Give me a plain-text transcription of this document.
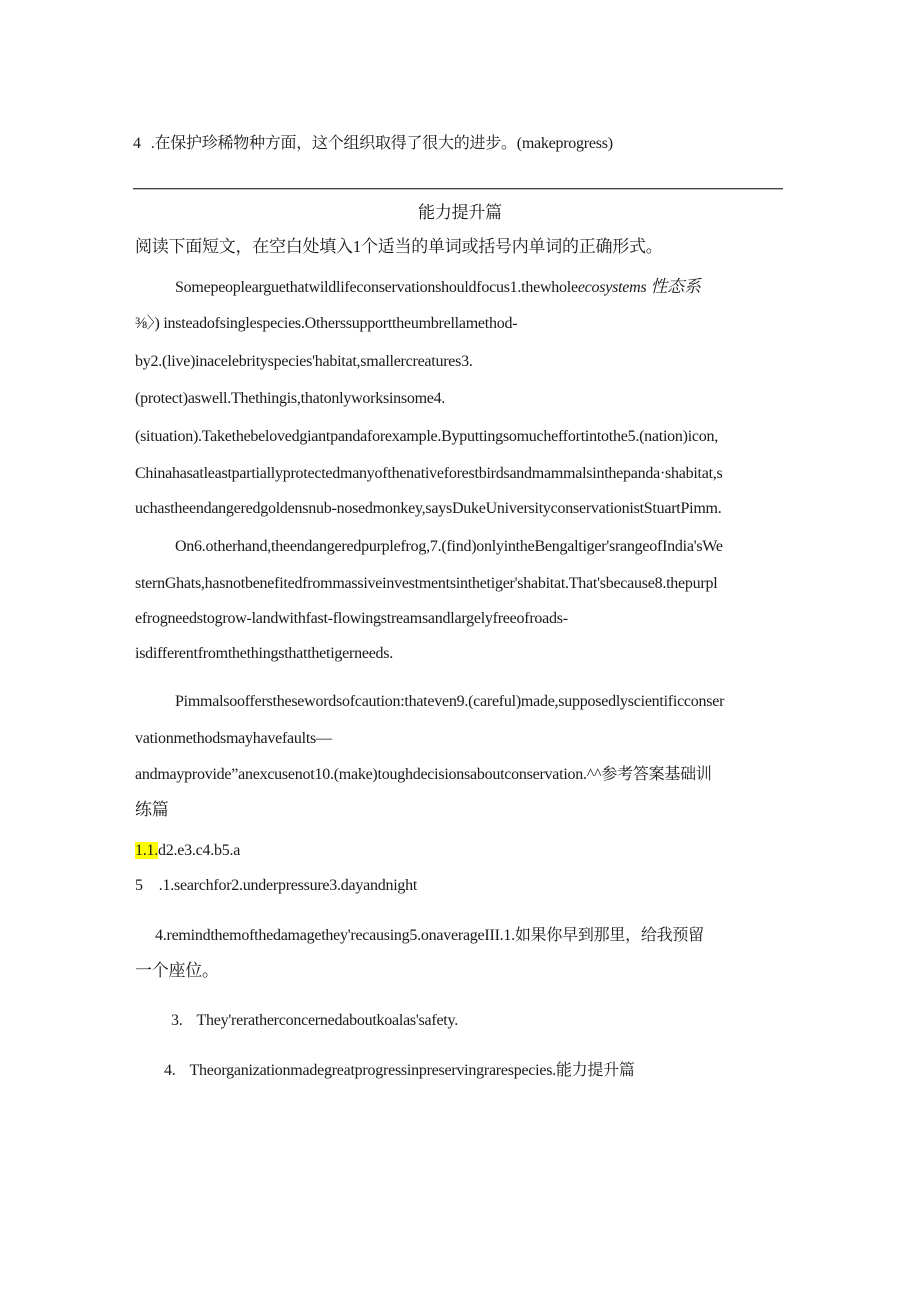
4 .在保护珍稀物种方面，这个组织取得了很大的进步。(makeprogress)
能力提升篇
阅读下面短文，在空白处填入1个适当的单词或括号内单词的正确形式。
Somepeoplearguethatwildlifeconservationshouldfocus1.thewholeecosystems 性态系
⅜〉) insteadofsinglespecies.Otherssupporttheumbrellamethod-
by2.(live)inacelebrityspecies'habitat,smallercreatures3.
(protect)aswell.Thethingis,thatonlyworksinsome4.
(situation).Takethebelovedgiantpandaforexample.Byputtingsomucheffortintothe5.(nation)icon,
Chinahasatleastpartiallyprotectedmanyofthenativeforestbirdsandmammalsinthepanda·shabitat,s
uchastheendangeredgoldensnub-nosedmonkey,saysDukeUniversityconservationistStuartPimm.
On6.otherhand,theendangeredpurplefrog,7.(find)onlyintheBengaltiger'srangeofIndia'sWe
sternGhats,hasnotbenefitedfrommassiveinvestmentsinthetiger'shabitat.That'sbecause8.thepurpl
efrogneedstogrow-landwithfast-flowingstreamsandlargelyfreeofroads-
isdifferentfromthethingsthatthetigerneeds.
Pimmalsooffersthesewordsofcaution:thateven9.(careful)made,supposedlyscientificconser
vationmethodsmayhavefaults—
andmayprovide”anexcusenot10.(make)toughdecisionsaboutconservation.^^参考答案基础训
练篇
1.1.d2.e3.c4.b5.a
5 .1.searchfor2.underpressure3.dayandnight
4.remindthemofthedamagethey'recausing5.onaverageIII.1.如果你早到那里，给我预留
一个座位。
3. They'reratherconcernedaboutkoalas'safety.
4. Theorganizationmadegreatprogressinpreservingrarespecies.能力提升篇
